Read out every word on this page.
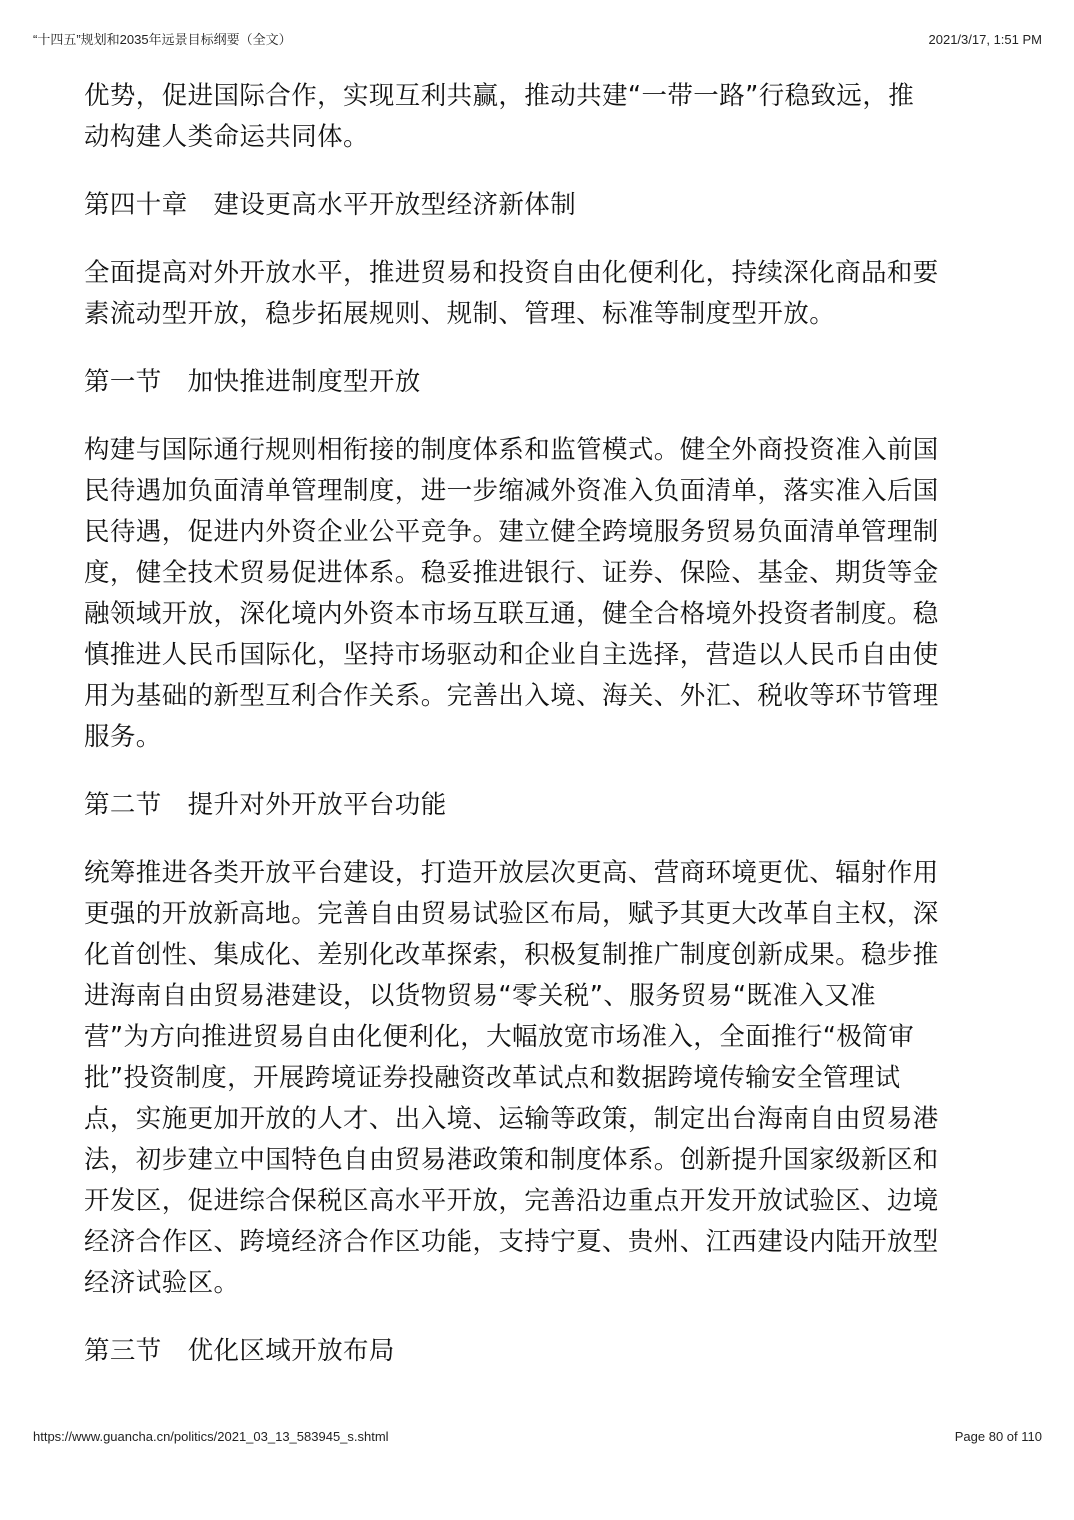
“十四五”规划和2035年远景目标纲要（全文）	2021/3/17, 1:51 PM
优势，促进国际合作，实现互利共赢，推动共建“一带一路”行稳致远，推
动构建人类命运共同体。
第四十章　建设更高水平开放型经济新体制
全面提高对外开放水平，推进贸易和投资自由化便利化，持续深化商品和要
素流动型开放，稳步拓展规则、规制、管理、标准等制度型开放。
第一节　加快推进制度型开放
构建与国际通行规则相衔接的制度体系和监管模式。健全外商投资准入前国
民待遇加负面清单管理制度，进一步缩减外资准入负面清单，落实准入后国
民待遇，促进内外资企业公平竞争。建立健全跨境服务贸易负面清单管理制
度，健全技术贸易促进体系。稳妥推进银行、证券、保险、基金、期货等金
融领域开放，深化境内外资本市场互联互通，健全合格境外投资者制度。稳
慎推进人民币国际化，坚持市场驱动和企业自主选择，营造以人民币自由使
用为基础的新型互利合作关系。完善出入境、海关、外汇、税收等环节管理
服务。
第二节　提升对外开放平台功能
统筹推进各类开放平台建设，打造开放层次更高、营商环境更优、辐射作用
更强的开放新高地。完善自由贸易试验区布局，赋予其更大改革自主权，深
化首创性、集成化、差别化改革探索，积极复制推广制度创新成果。稳步推
进海南自由贸易港建设，以货物贸易“零关税”、服务贸易“既准入又准
营”为方向推进贸易自由化便利化，大幅放宽市场准入，全面推行“极简审
批”投资制度，开展跨境证券投融资改革试点和数据跨境传输安全管理试
点，实施更加开放的人才、出入境、运输等政策，制定出台海南自由贸易港
法，初步建立中国特色自由贸易港政策和制度体系。创新提升国家级新区和
开发区，促进综合保税区高水平开放，完善沿边重点开发开放试验区、边境
经济合作区、跨境经济合作区功能，支持宁夏、贵州、江西建设内陆开放型
经济试验区。
第三节　优化区域开放布局
https://www.guancha.cn/politics/2021_03_13_583945_s.shtml	Page 80 of 110
